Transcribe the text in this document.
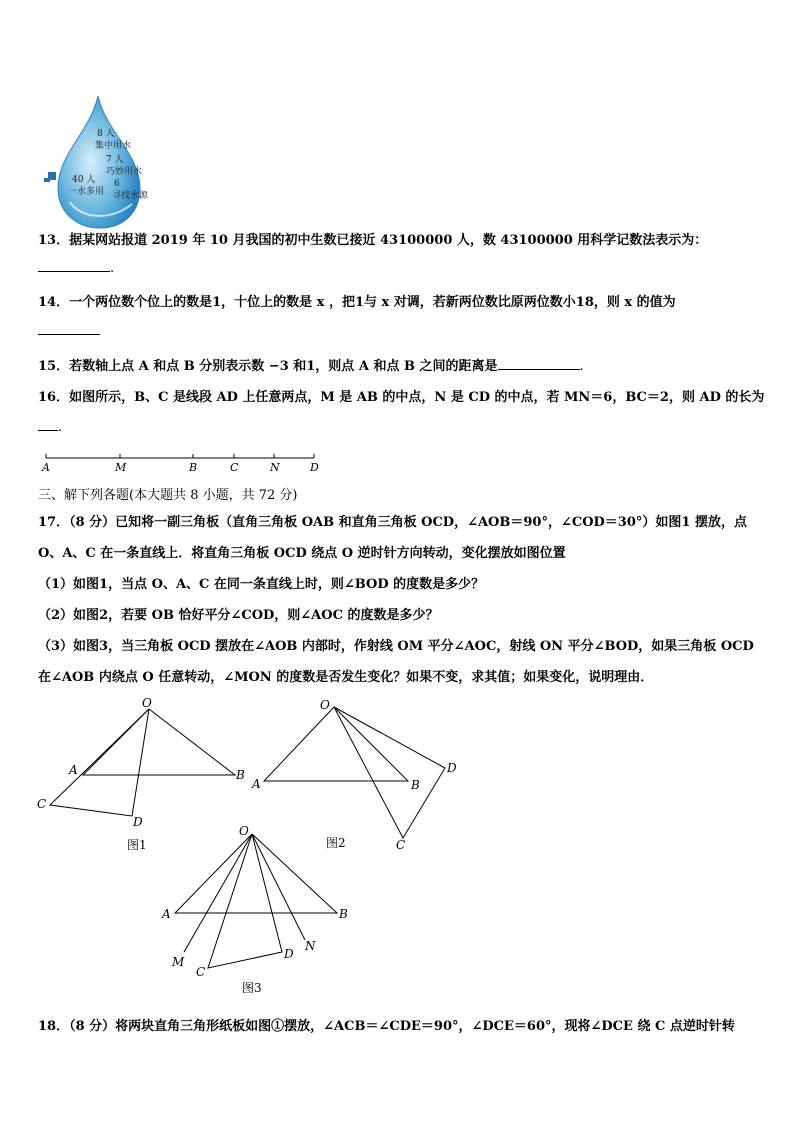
8 人
集中用水
7 人
巧妙用水
40 人
一水多用
6
寻找水源
13．据某网站报道 2019 年 10 月我国的初中生数已接近 43100000 人，数 43100000 用科学记数法表示为：
.
14．一个两位数个位上的数是1，十位上的数是 x ，把1与 x 对调，若新两位数比原两位数小18，则 x 的值为
15．若数轴上点 A 和点 B 分别表示数 −3 和1，则点 A 和点 B 之间的距离是	.
16．如图所示，B、C 是线段 AD 上任意两点，M 是 AB 的中点，N 是 CD 的中点，若 MN＝6，BC＝2，则 AD 的长为
.
A	M	B	C	N	D
三、解下列各题(本大题共 8 小题，共 72 分)
17．（8 分）已知将一副三角板（直角三角板 OAB 和直角三角板 OCD，∠AOB＝90°，∠COD＝30°）如图1 摆放，点
O、A、C 在一条直线上．将直角三角板 OCD 绕点 O 逆时针方向转动，变化摆放如图位置
（1）如图1，当点 O、A、C 在同一条直线上时，则∠BOD 的度数是多少？
（2）如图2，若要 OB 恰好平分∠COD，则∠AOC 的度数是多少？
（3）如图3，当三角板 OCD 摆放在∠AOB 内部时，作射线 OM 平分∠AOC，射线 ON 平分∠BOD，如果三角板 OCD
在∠AOB 内绕点 O 任意转动，∠MON 的度数是否发生变化？如果不变，求其值；如果变化，说明理由．
O
A	B
C
D
图1
O
A	B
D
C
图2
O
A	B
M
C
D
N
图3
18．（8 分）将两块直角三角形纸板如图①摆放，∠ACB＝∠CDE＝90°，∠DCE＝60°，现将∠DCE 绕 C 点逆时针转
